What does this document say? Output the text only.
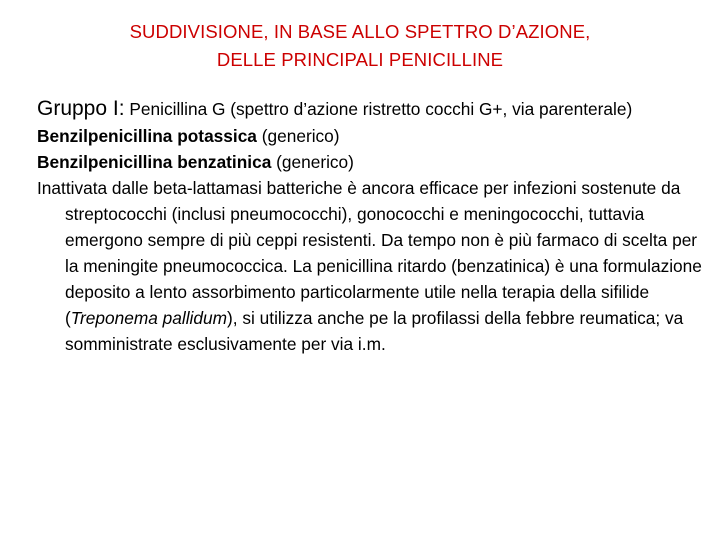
SUDDIVISIONE, IN BASE ALLO SPETTRO D’AZIONE,
DELLE PRINCIPALI PENICILLINE

Gruppo I: Penicillina G (spettro d’azione ristretto cocchi G+, via parenterale)

Benzilpenicillina potassica (generico)

Benzilpenicillina benzatinica (generico)

Inattivata dalle beta-lattamasi batteriche è ancora efficace per infezioni sostenute da streptococchi (inclusi pneumococchi), gonococchi e meningococchi, tuttavia emergono sempre di più ceppi resistenti. Da tempo non è più farmaco di scelta per la meningite pneumococcica. La penicillina ritardo (benzatinica) è una formulazione deposito a lento assorbimento particolarmente utile nella terapia della sifilide (Treponema pallidum), si utilizza anche pe la profilassi della febbre reumatica; va somministrate esclusivamente per via i.m.
